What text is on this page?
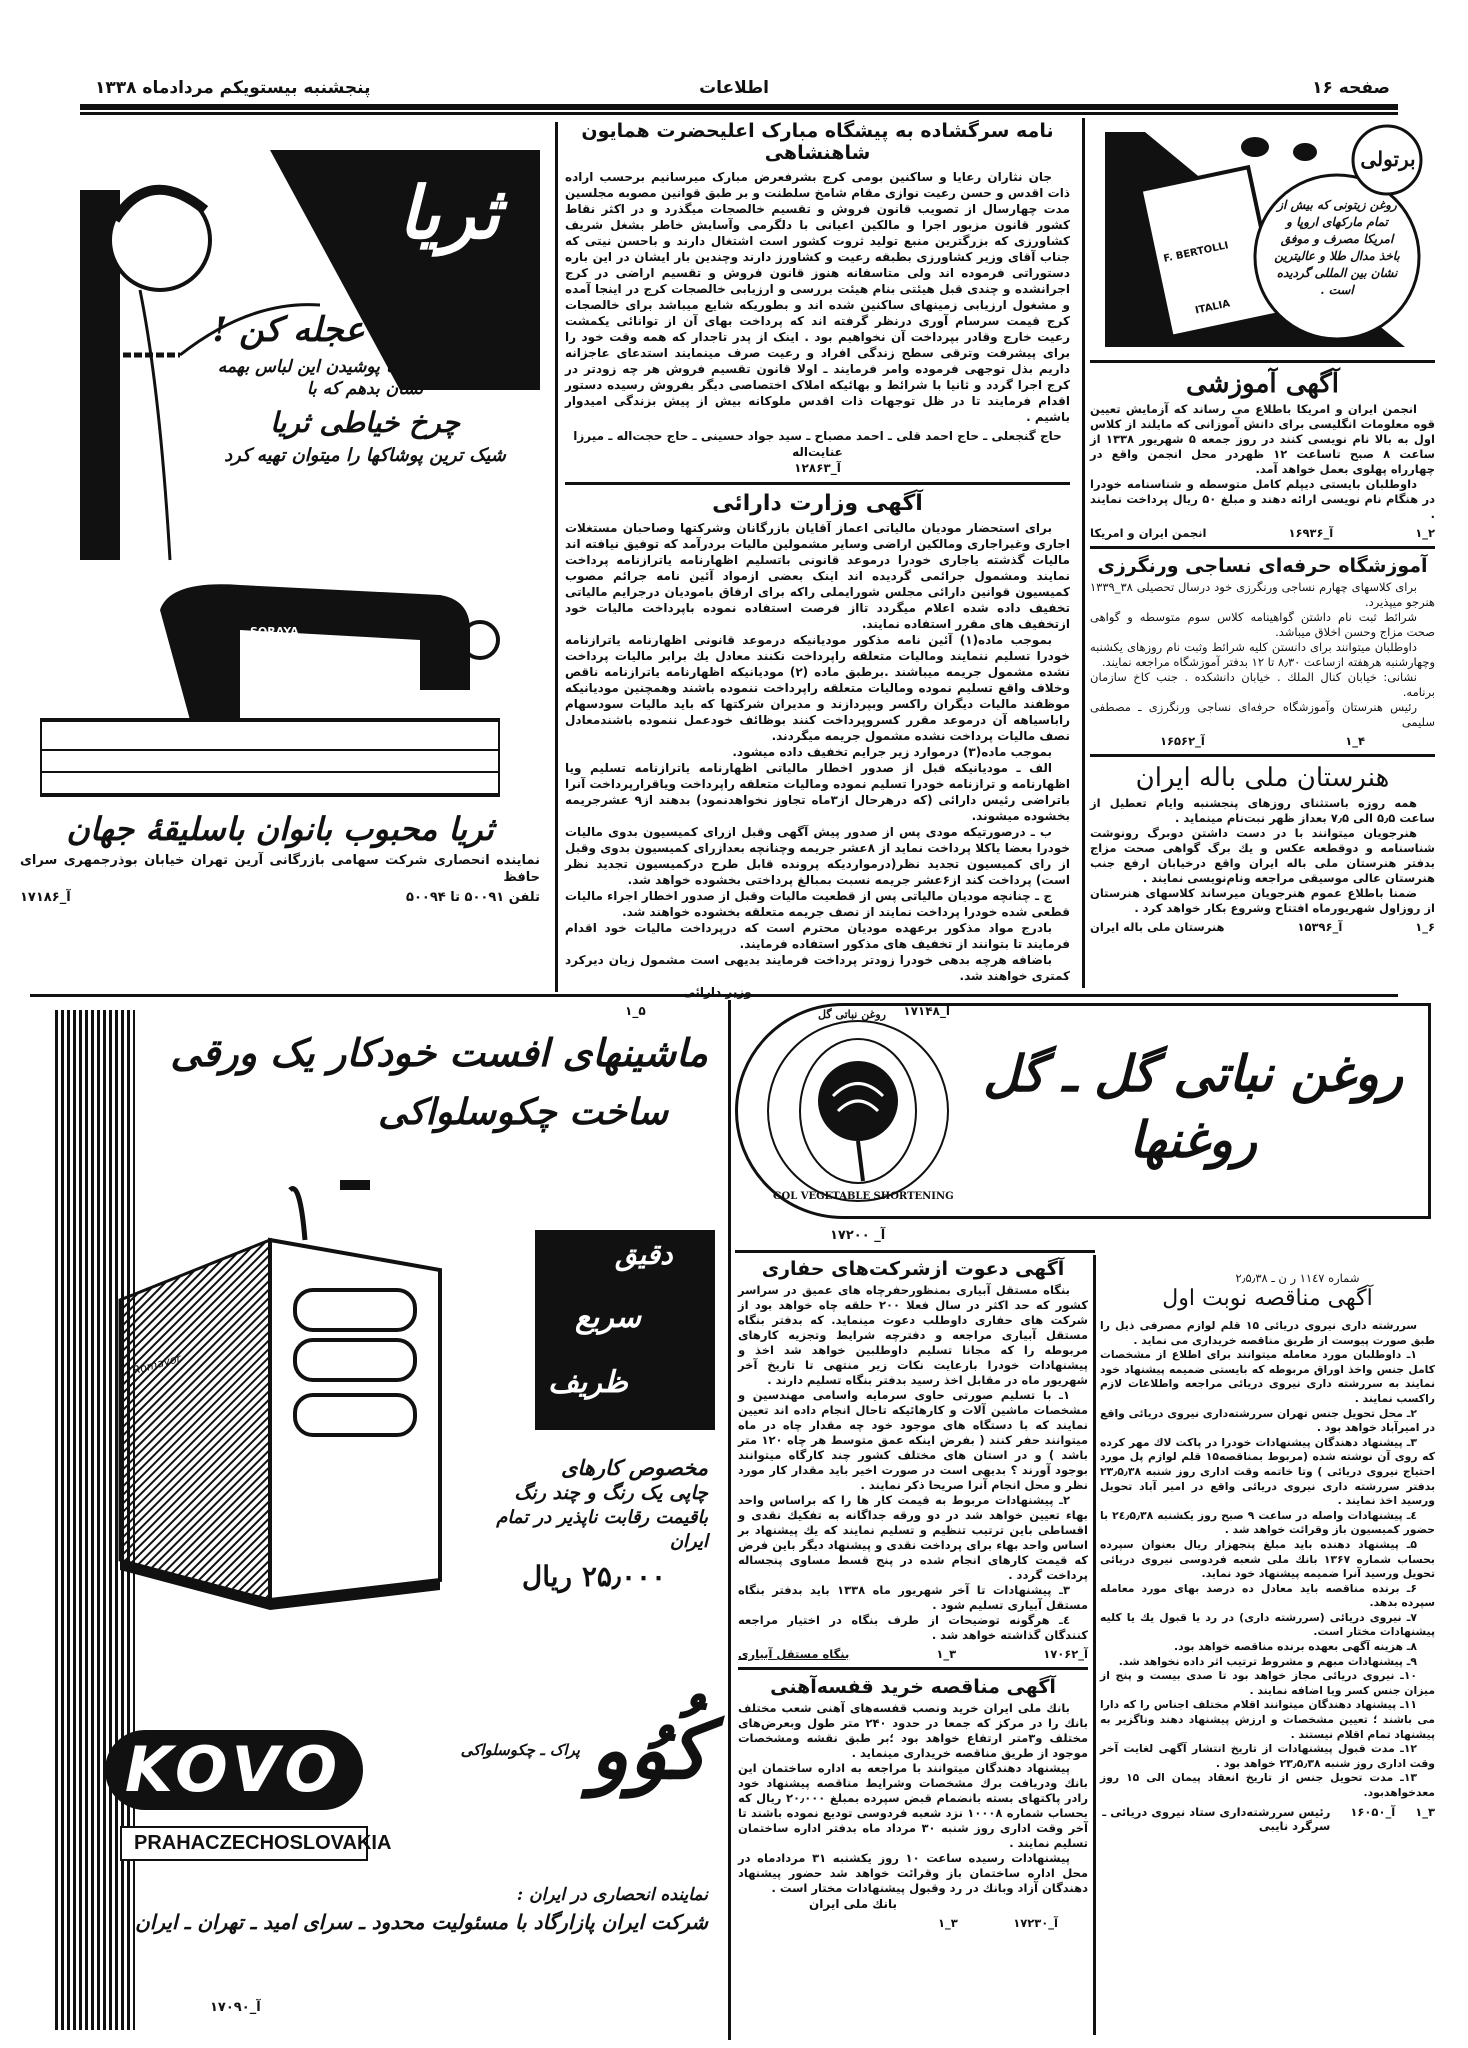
صفحه ۱۶
اطلاعات
پنجشنبه بیستویکم مردادماه ۱۳۳۸
ثریا
خواهرجان عجله کن !
میخواهم امشب با پوشیدن این لباس بهمه نشان بدهم که با
چرخ خیاطی ثریا
شیک ترین پوشاکها را میتوان تهیه کرد
SORAYA
ثریا محبوب بانوان باسلیقهٔ جهان
نماینده انحصاری شرکت سهامی بازرگانی آرین تهران خیابان بوذرجمهری سرای حافظ
تلفن ۵۰۰۹۱ تا ۵۰۰۹۴
آ_۱۷۱۸۶
نامه سرگشاده به پیشگاه مبارک اعلیحضرت همایون شاهنشاهی

جان نثاران رعایا و ساکنین بومی کرج بشرفعرض مبارک میرسانیم برحسب اراده ذات اقدس و حسن رعیت نوازی مقام شامخ سلطنت و بر طبق قوانین مصوبه مجلسین مدت چهارسال از تصویب قانون فروش و تقسیم خالصجات میگذرد و در اکثر نقاط کشور قانون مزبور اجرا و مالکین اعیانی با دلگرمی وآسایش خاطر بشغل شریف کشاورزی که بزرگترین منبع تولید ثروت کشور است اشتغال دارند و باحسن نیتی که جناب آقای وزیر کشاورزی بطبقه رعیت و کشاورز دارند وچندین بار ایشان در این باره دستوراتی فرموده اند ولی متاسفانه هنوز قانون فروش و تقسیم اراضی در کرج اجرانشده و چندی قبل هیئتی بنام هیئت بررسی و ارزیابی خالصجات کرج در اینجا آمده و مشغول ارزیابی زمینهای ساکنین شده اند و بطوریکه شایع میباشد برای خالصجات کرج قیمت سرسام آوری درنظر گرفته اند که پرداخت بهای آن از توانائی یکمشت رعیت خارج وقادر بپرداخت آن نخواهیم بود . اینک از پدر تاجدار که همه وقت خود را برای پیشرفت وترقی سطح زندگی افراد و رعیت صرف مینمایند استدعای عاجزانه داریم بذل توجهی فرموده وامر فرمایند ـ اولا قانون تقسیم فروش هر چه زودتر در کرج اجرا گردد و ثانیا با شرائط و بهائیکه املاک اختصاصی دیگر بفروش رسیده دستور اقدام فرمایند تا در ظل توجهات ذات اقدس ملوکانه بیش از پیش بزندگی امیدوار باشیم .

حاج گنجعلی ـ حاج احمد قلی ـ احمد مصباح ـ سید جواد حسینی ـ حاج حجت‌اله ـ میرزا عنایت‌اله
آ_۱۲۸۶۳
آگهی وزارت دارائی

برای استحضار مودیان مالیاتی اعماز آقایان بازرگانان وشرکتها وصاحبان مستغلات اجاری وغیراجاری ومالکین اراضی وسایر مشمولین مالیات بردرآمد که توفیق نیافته اند مالیات گذشته یاجاری خودرا درموعد قانونی باتسلیم اظهارنامه یاترازنامه پرداخت نمایند ومشمول جرائمی گردیده اند اینک بعضی ازمواد آئین نامه جرائم مصوب کمیسیون قوانین دارائی مجلس شورایملی راکه برای ارفاق بامودیان درجرایم مالیاتی تخفیف داده شده اعلام میگردد تااز فرصت استفاده نموده باپرداخت مالیات خود ازتخفیف های مقرر استفاده نمایند.

بموجب ماده(۱) آئین نامه مذکور مودیانیکه درموعد قانونی اظهارنامه یاترازنامه خودرا تسلیم ننمایند ومالیات متعلقه راپرداخت نکنند معادل یك برابر مالیات پرداخت نشده مشمول جریمه میباشند .برطبق ماده (۲) مودیانیکه اظهارنامه یاترازنامه ناقص وخلاف واقع تسلیم نموده ومالیات متعلقه راپرداخت ننموده باشند وهمچنین مودیانیکه موظفند مالیات دیگران راکسر وبپردازند و مدیران شرکتها که باید مالیات سودسهام راباسیاهه آن درموعد مقرر کسروپرداخت کنند بوظائف خودعمل ننموده باشندمعادل نصف مالیات پرداخت نشده مشمول جریمه میگردند.

بموجب ماده(۳) درموارد زیر جرایم تخفیف داده میشود.

الف ـ مودیانیکه قبل از صدور اخطار مالیاتی اظهارنامه یاترازنامه تسلیم ویا اظهارنامه و ترازنامه خودرا تسلیم نموده ومالیات متعلقه راپرداخت ویاقرارپرداخت آنرا باتراضی رئیس دارائی (که درهرحال از۳ماه تجاوز نخواهدنمود) بدهند از۹ عشرجریمه بخشوده میشوند.

ب ـ درصورتیکه مودی پس از صدور پیش آگهی وقبل ازرای کمیسیون بدوی مالیات خودرا بعضا یاکلا پرداخت نماید از ۸عشر جریمه وچنانچه بعدازرای کمیسیون بدوی وقبل از رای کمیسیون تجدید نظر(درمواردیکه پرونده قابل طرح درکمیسیون تجدید نظر است) پرداخت کند از۶عشر جریمه نسبت بمبالغ پرداختی بخشوده خواهد شد.

ج ـ چنانچه مودیان مالیاتی پس از قطعیت مالیات وقبل از صدور اخطار اجراء مالیات قطعی شده خودرا پرداخت نمایند از نصف جریمه متعلقه بخشوده خواهند شد.

بادرج مواد مذکور برعهده مودیان محترم است که درپرداخت مالیات خود اقدام فرمایند تا بتوانند از تخفیف های مذکور استفاده فرمایند.

باضافه هرچه بدهی خودرا زودتر پرداخت فرمایند بدیهی است مشمول زیان دیرکرد کمتری خواهند شد.

وزیر دارائی
آ_۱۷۱۴۸
۵_۱
برتولی
روغن زیتونی که بیش از تمام مارکهای اروپا و امریکا مصرف و موفق باخذ مدال طلا و عالیترین نشان بین المللی گردیده است .
F. BERTOLLI
ITALIA
آگهی آموزشی

انجمن ایران و امریکا باطلاع می رساند که آزمایش تعیین قوه معلومات انگلیسی برای دانش آموزانی که مایلند از کلاس اول به بالا نام نویسی کنند در روز جمعه ۵ شهریور ۱۳۳۸ از ساعت ۸ صبح تاساعت ۱۲ ظهردر محل انجمن واقع در چهارراه پهلوی بعمل خواهد آمد.

داوطلبان بایستی دیپلم کامل متوسطه و شناسنامه خودرا در هنگام نام نویسی ارائه دهند و مبلغ ۵۰ ریال پرداخت نمایند .

۲_۱
آ_۱۶۹۳۶
انجمن ایران و امریکا
آموزشگاه حرفه‌ای نساجی ورنگرزی

برای کلاسهای چهارم نساجی ورنگرزی خود درسال تحصیلی ۳۸_۱۳۳۹ هنرجو میپذیرد.

شرائط ثبت نام داشتن گواهینامه کلاس سوم متوسطه و گواهی صحت مزاج وحسن اخلاق میباشد.

داوطلبان میتوانند برای دانستن کلیه شرائط وثبت نام روزهای یکشنبه وچهارشنبه هرهفته ازساعت ۸٫۳۰ تا ۱۲ بدفتر آموزشگاه مراجعه نمایند.

نشانی: خیابان کنال الملك . خیابان دانشکده . جنب کاخ سازمان برنامه.

رئیس هنرستان وآموزشگاه حرفه‌ای نساجی ورنگرزی ـ مصطفی سلیمی

۴_۱
آ_۱۶۵۶۲
هنرستان ملی باله ایران

همه روزه باستثنای روزهای پنجشنبه وایام تعطیل از ساعت ۵٫۵ الی ۷٫۵ بعداز ظهر نبت‌نام مینماید .

هنرجویان میتوانند با در دست داشتن دوبرگ رونوشت شناسنامه و دوقطعه عکس و یك برگ گواهی صحت مزاج بدفتر هنرستان ملی باله ایران واقع درخیابان ارفع جنب هنرستان عالی موسیقی مراجعه ونام‌نویسی نمایند .

ضمنا باطلاع عموم هنرجویان میرساند کلاسهای هنرستان از روزاول شهریورماه افتتاح وشروع بکار خواهد کرد .

۶_۱
آ_۱۵۳۹۶
هنرستان ملی باله ایران
Romayor
ماشینهای افست خودکار یک ورقی
ساخت چکوسلواکی
دقیق
سریع
ظریف
مخصوص کارهای
چاپی یک رنگ و چند رنگ
باقیمت رقابت ناپذیر در تمام ایران
۲۵٫۰۰۰ ریال
کُوُو
پراک ـ چکوسلواکی
KOVO
PRAHA CZECHOSLOVAKIA
نماینده انحصاری در ایران :
شرکت ایران پازارگاد با مسئولیت محدود ـ سرای امید ـ تهران ـ ایران
آ_۱۷۰۹۰
GOL VEGETABLE SHORTENING
روغن نباتی گل
روغن نباتی گل ـ گل روغنها
آ_ ۱۷۲۰۰
آگهی دعوت ازشرکت‌های حفاری

بنگاه مستقل آبیاری بمنظورحفرچاه های عمیق در سراسر کشور که حد اکثر در سال فعلا ۲۰۰ حلقه چاه خواهد بود از شرکت های حفاری داوطلب دعوت مینماید. که بدفتر بنگاه مستقل آبیاری مراجعه و دفترچه شرایط وتجزیه کارهای مربوطه را که مجانا تسلیم داوطلبین خواهد شد اخذ و پیشنهادات خودرا بارعایت نکات زیر منتهی تا تاریخ آخر شهریور ماه در مقابل اخذ رسید بدفتر بنگاه تسلیم دارند .

۱ـ با تسلیم صورتی حاوی سرمایه واسامی مهندسین و مشخصات ماشین آلات و کارهائیکه تاحال انجام داده اند تعیین نمایند که با دستگاه های موجود خود چه مقدار چاه در ماه میتوانند حفر کنند ( بفرض اینکه عمق متوسط هر چاه ۱۲۰ متر باشد ) و در استان های مختلف کشور چند کارگاه میتوانند بوجود آورند ؟ بدیهی است در صورت اخیر باید مقدار کار مورد نظر و محل انجام آنرا صریحا ذکر نمایند .

۲ـ پیشنهادات مربوط به قیمت کار ها را که براساس واحد بهاء تعیین خواهد شد در دو ورقه جداگانه به تفکیك نقدی و اقساطی باین ترتیب تنظیم و تسلیم نمایند که یك پیشنهاد بر اساس واحد بهاء برای پرداخت نقدی و پیشنهاد دیگر باین فرض که قیمت کارهای انجام شده در پنج قسط مساوی پنجساله پرداخت گردد .

۳ـ پیشنهادات تا آخر شهریور ماه ۱۳۳۸ باید بدفتر بنگاه مستقل آبیاری تسلیم شود .

٤ـ هرگونه توضیحات از طرف بنگاه در اختیار مراجعه کنندگان گذاشته خواهد شد .

آ_۱۷۰۶۲
۳_۱
بنگاه مستقل آبیاری
آگهی مناقصه خرید قفسه‌آهنی

بانك ملی ایران خرید ونصب قفسه‌های آهنی شعب مختلف بانك را در مرکز که جمعا در حدود ۲۴۰ متر طول وبعرض‌های مختلف و۳متر ارتفاع خواهد بود ؛بر طبق نقشه ومشخصات موجود از طریق مناقصه خریداری مینماید .

پیشنهاد دهندگان میتوانند با مراجعه به اداره ساختمان این بانك ودریافت برك مشخصات وشرایط مناقصه پیشنهاد خود رادر پاکتهای بسته بانضمام قبض سپرده بمبلغ ۲۰٫۰۰۰ ریال که بحساب شماره ۱۰۰۰۸ نزد شعبه فردوسی تودیع نموده باشند تا آخر وقت اداری روز شنبه ۳۰ مرداد ماه بدفتر اداره ساختمان تسلیم نمایند .

پیشنهادات رسیده ساعت ۱۰ روز یکشنبه ۳۱ مردادماه در محل اداره ساختمان باز وقرائت خواهد شد حضور پیشنهاد دهندگان آزاد وبانك در رد وقبول پیشنهادات مختار است .

بانك ملی ایران
آ_۱۷۲۳۰
۳_۱
شماره ۱۱٤۷ ر ن ـ ۲٫۵٫۳۸
آگهی مناقصه نوبت اول

سررشته داری نیروی دریائی ۱۵ قلم لوازم مصرفی ذیل را طبق صورت پیوست از طریق مناقصه خریداری می نماید .

۱ـ داوطلبان مورد معامله میتوانند برای اطلاع از مشخصات کامل جنس واخذ اوراق مربوطه که بایستی ضمیمه پیشنهاد خود نمایند به سررشته داری نیروی دریائی مراجعه واطلاعات لازم راکسب نمایند .

۲ـ محل تحویل جنس تهران سررشته‌داری نیروی دریائی واقع در امیرآباد خواهد بود .

۳ـ پیشنهاد دهندگان پیشنهادات خودرا در پاکت لاك مهر کرده که روی آن نوشته شده (مربوط بمناقصه۱۵ قلم لوازم پل مورد احتیاج نیروی دریائی ) وتا خاتمه وقت اداری روز شنبه ۲۳٫۵٫۳۸ بدفتر سررشته داری نیروی دریائی واقع در امیر آباد تحویل ورسید اخذ نمایند .

٤ـ پیشنهادات واصله در ساعت ۹ صبح روز یکشنبه ۲٤٫۵٫۳۸ با حضور کمیسیون باز وقرائت خواهد شد .

۵ـ پیشنهاد دهنده باید مبلغ پنجهزار ریال بعنوان سپرده بحساب شماره ۱۳۶۷ بانك ملی شعبه فردوسی نیروی دریائی تحویل ورسید آنرا ضمیمه پیشنهاد خود نماید.

۶ـ برنده مناقصه باید معادل ده درصد بهای مورد معامله سپرده بدهد.

۷ـ نیروی دریائی (سررشته داری) در رد یا قبول یك یا کلیه پیشنهادات مختار است.

۸ـ هزینه آگهی بعهده برنده مناقصه خواهد بود.

۹ـ پیشنهادات مبهم و مشروط ترتیب اثر داده نخواهد شد.

۱۰ـ نیروی دریائی مجاز خواهد بود تا صدی بیست و پنج از میزان جنس کسر ویا اضافه نمایند .

۱۱ـ پیشنهاد دهندگان میتوانند اقلام مختلف اجناس را که دارا می باشند ؛ تعیین مشخصات و ارزش پیشنهاد دهند وناگزیر به پیشنهاد تمام اقلام نیستند .

۱۲ـ مدت قبول پیشنهادات از تاریخ انتشار آگهی لغایت آخر وقت اداری روز شنبه ۲۳٫۵٫۳۸ خواهد بود .

۱۳ـ مدت تحویل جنس از تاریخ انعقاد پیمان الی ۱۵ روز معدخواهدبود.

۳_۱
آ_۱۶۰۵۰
رئیس سررشته‌داری ستاد نیروی دریائی ـ سرگرد نایبی
